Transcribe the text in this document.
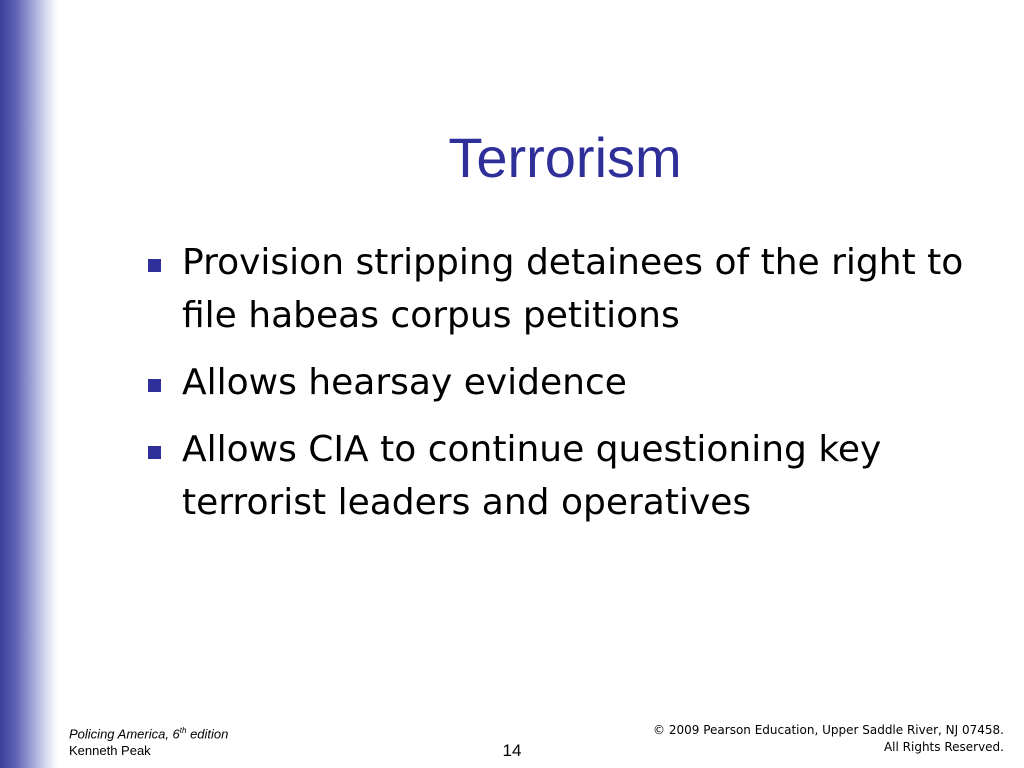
Terrorism
Provision stripping detainees of the right to file habeas corpus petitions
Allows hearsay evidence
Allows CIA to continue questioning key terrorist leaders and operatives
Policing America, 6th edition
Kenneth Peak	14
© 2009 Pearson Education, Upper Saddle River, NJ 07458.
All Rights Reserved.
